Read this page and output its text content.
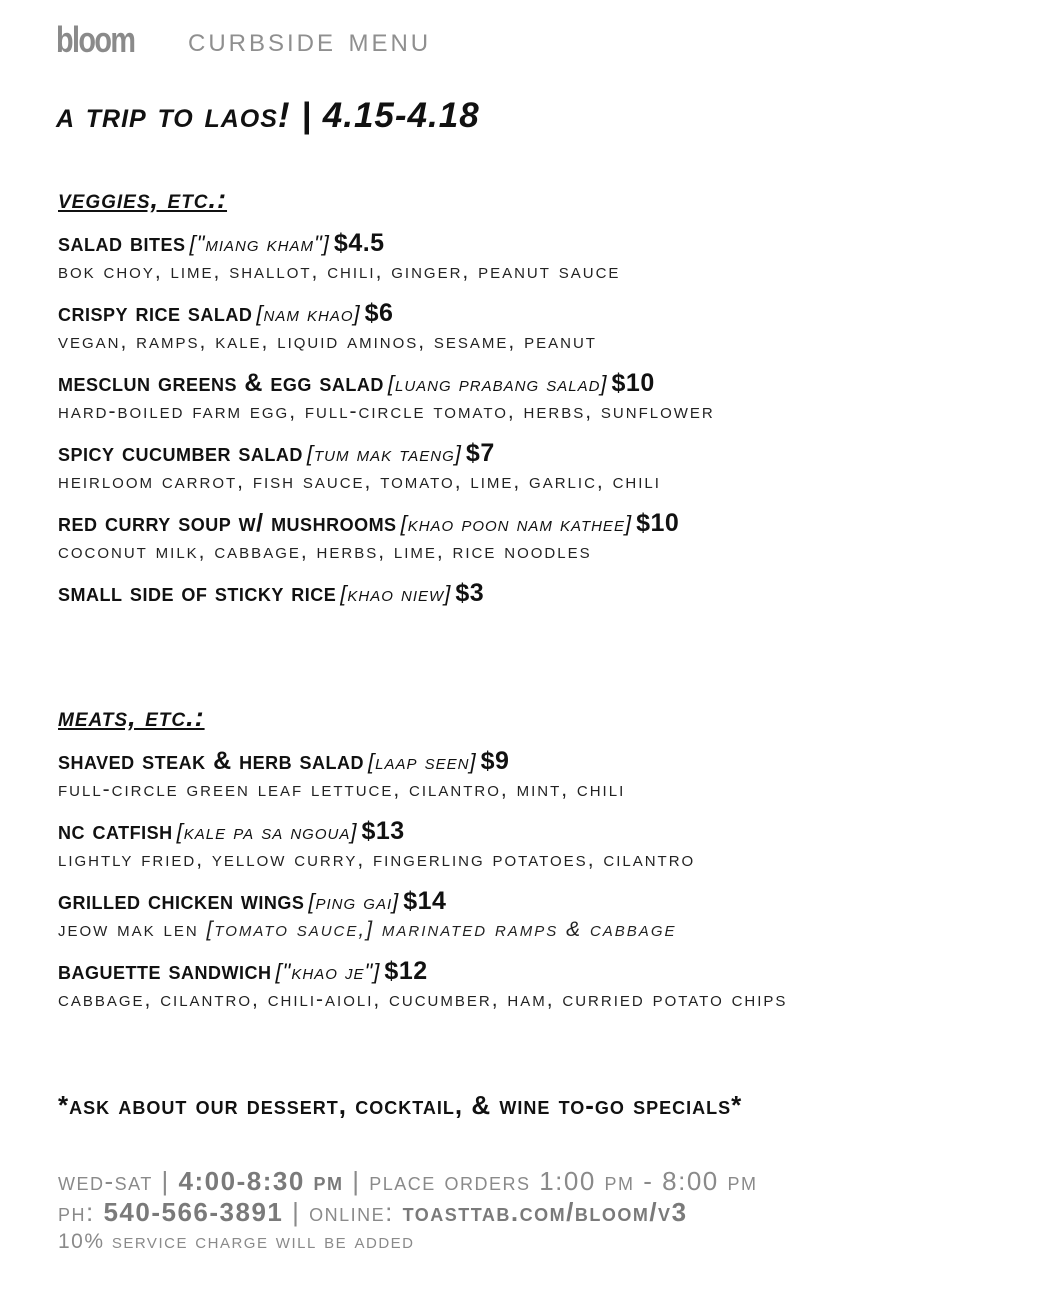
bloom curbside menu
a trip to laos! | 4.15-4.18
veggies, etc.:
salad bites ["miang kham"] $4.5
bok choy, lime, shallot, chili, ginger, peanut sauce
crispy rice salad [nam khao] $6
vegan, ramps, kale, liquid aminos, sesame, peanut
mesclun greens & egg salad [luang prabang salad] $10
hard-boiled farm egg, full-circle tomato, herbs, sunflower
spicy cucumber salad [tum mak taeng] $7
heirloom carrot, fish sauce, tomato, lime, garlic, chili
red curry soup w/ mushrooms [khao poon nam kathee] $10
coconut milk, cabbage, herbs, lime, rice noodles
small side of sticky rice [khao niew] $3
meats, etc.:
shaved steak & herb salad [laap seen] $9
full-circle green leaf lettuce, cilantro, mint, chili
nc catfish [kale pa sa ngoua] $13
lightly fried, yellow curry, fingerling potatoes, cilantro
grilled chicken wings [ping gai] $14
jeow mak len [tomato sauce,] marinated ramps & cabbage
baguette sandwich ["khao je"] $12
cabbage, cilantro, chili-aioli, cucumber, ham, curried potato chips
*ask about our dessert, cocktail, & wine to-go specials*
wed-sat | 4:00-8:30 pm | place orders 1:00 pm - 8:00 pm
ph: 540-566-3891 | online: toasttab.com/bloom/v3
10% service charge will be added
